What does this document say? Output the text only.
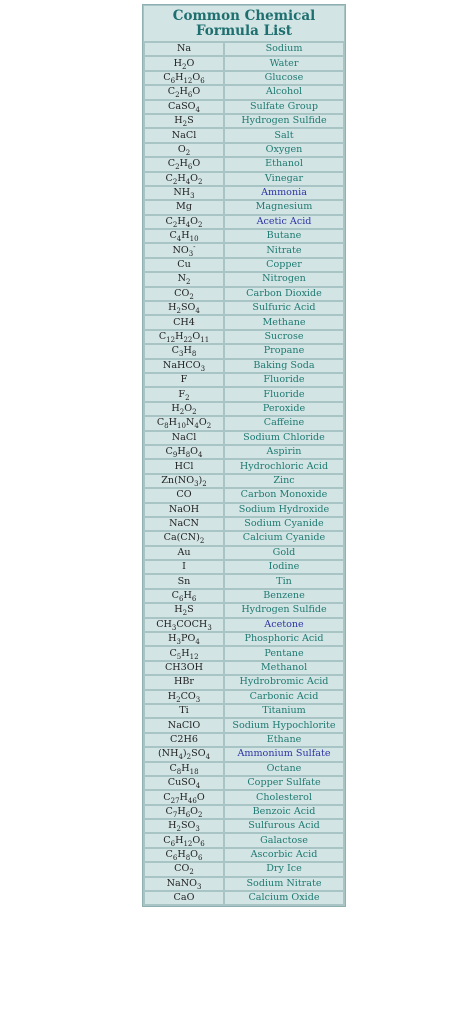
Common Chemical Formula List
Na	Sodium
$H_2O$	Water
$C_6H_{12}O_6$	Glucose
$C_2H_6O$	Alcohol
CaSO$_4$	Sulfate Group
$H_2S$	Hydrogen Sulfide
NaCl	Salt
$O_2$	Oxygen
$C_2H_6O$	Ethanol
$C_2H_4O_2$	Vinegar
$NH_3$	Ammonia
Mg	Magnesium
$C_2H_4O_2$	Acetic Acid
$C_4H_{10}$	Butane
$NO_3^-$	Nitrate
Cu	Copper
$N_2$	Nitrogen
$CO_2$	Carbon Dioxide
$H_2SO_4$	Sulfuric Acid
CH4	Methane
$C_{12}H_{22}O_{11}$	Sucrose
$C_3H_8$	Propane
NaHCO$_3$	Baking Soda
F	Fluoride
$F_2$	Fluoride
$H_2O_2$	Peroxide
$C_8H_{10}N_4O_2$	Caffeine
NaCl	Sodium Chloride
$C_9H_8O_4$	Aspirin
HCl	Hydrochloric Acid
$Zn(NO_3)_2$	Zinc
CO	Carbon Monoxide
NaOH	Sodium Hydroxide
NaCN	Sodium Cyanide
$Ca(CN)_2$	Calcium Cyanide
Au	Gold
I	Iodine
Sn	Tin
$C_6H_6$	Benzene
$H_2S$	Hydrogen Sulfide
$CH_3COCH_3$	Acetone
$H_3PO_4$	Phosphoric Acid
$C_5H_{12}$	Pentane
CH3OH	Methanol
HBr	Hydrobromic Acid
$H_2CO_3$	Carbonic Acid
Ti	Titanium
NaClO	Sodium Hypochlorite
C2H6	Ethane
$(NH_4)_2SO_4$	Ammonium Sulfate
$C_8H_{18}$	Octane
CuSO$_4$	Copper Sulfate
$C_{27}H_{46}O$	Cholesterol
$C_7H_6O_2$	Benzoic Acid
$H_2SO_3$	Sulfurous Acid
$C_6H_{12}O_6$	Galactose
$C_6H_8O_6$	Ascorbic Acid
$CO_2$	Dry Ice
NaNO$_3$	Sodium Nitrate
CaO	Calcium Oxide
